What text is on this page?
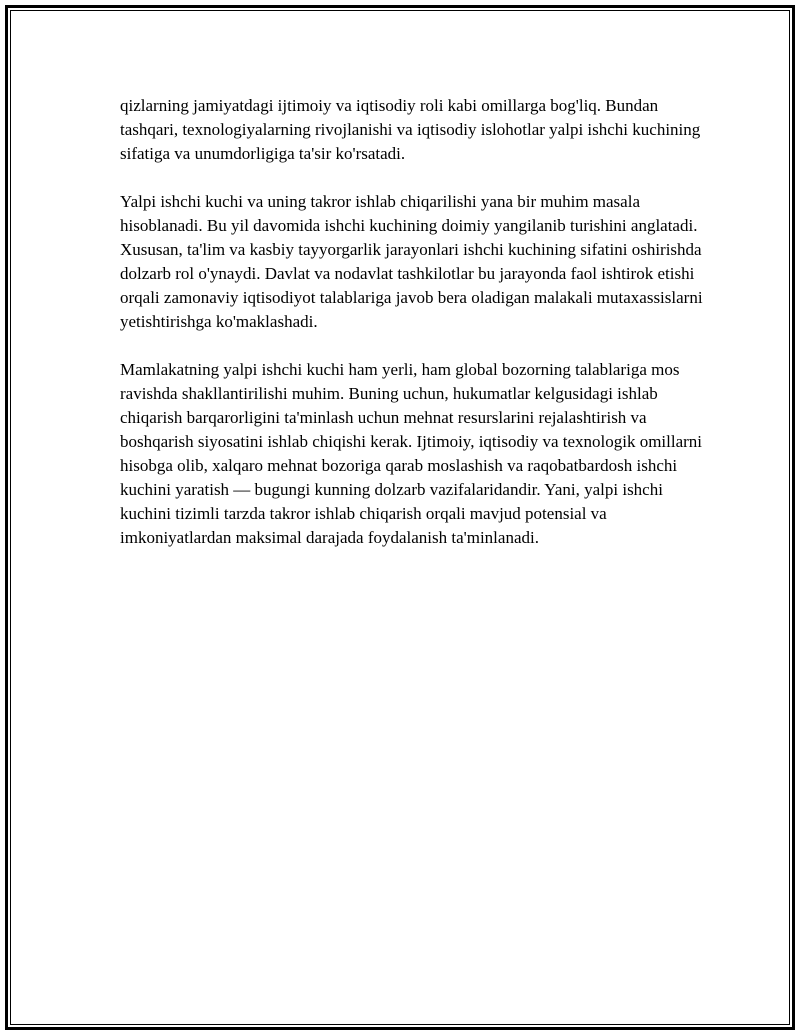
qizlarning jamiyatdagi ijtimoiy va iqtisodiy roli kabi omillarga bog'liq. Bundan tashqari, texnologiyalarning rivojlanishi va iqtisodiy islohotlar yalpi ishchi kuchining sifatiga va unumdorligiga ta'sir ko'rsatadi.

Yalpi ishchi kuchi va uning takror ishlab chiqarilishi yana bir muhim masala hisoblanadi. Bu yil davomida ishchi kuchining doimiy yangilanib turishini anglatadi. Xususan, ta'lim va kasbiy tayyorgarlik jarayonlari ishchi kuchining sifatini oshirishda dolzarb rol o'ynaydi. Davlat va nodavlat tashkilotlar bu jarayonda faol ishtirok etishi orqali zamonaviy iqtisodiyot talablariga javob bera oladigan malakali mutaxassislarni yetishtirishga ko'maklashadi.

Mamlakatning yalpi ishchi kuchi ham yerli, ham global bozorning talablariga mos ravishda shakllantirilishi muhim. Buning uchun, hukumatlar kelgusidagi ishlab chiqarish barqarorligini ta'minlash uchun mehnat resurslarini rejalashtirish va boshqarish siyosatini ishlab chiqishi kerak. Ijtimoiy, iqtisodiy va texnologik omillarni hisobga olib, xalqaro mehnat bozoriga qarab moslashish va raqobatbardosh ishchi kuchini yaratish — bugungi kunning dolzarb vazifalaridandir. Yani, yalpi ishchi kuchini tizimli tarzda takror ishlab chiqarish orqali mavjud potensial va imkoniyatlardan maksimal darajada foydalanish ta'minlanadi.
